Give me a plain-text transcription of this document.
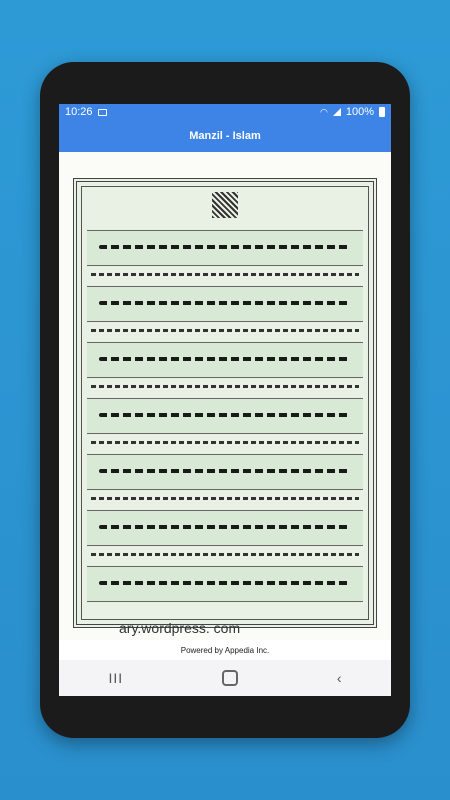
10:26	◠ 100%
Manzil - Islam
ary.wordpress. com
Powered by Appedia Inc.
III	‹
